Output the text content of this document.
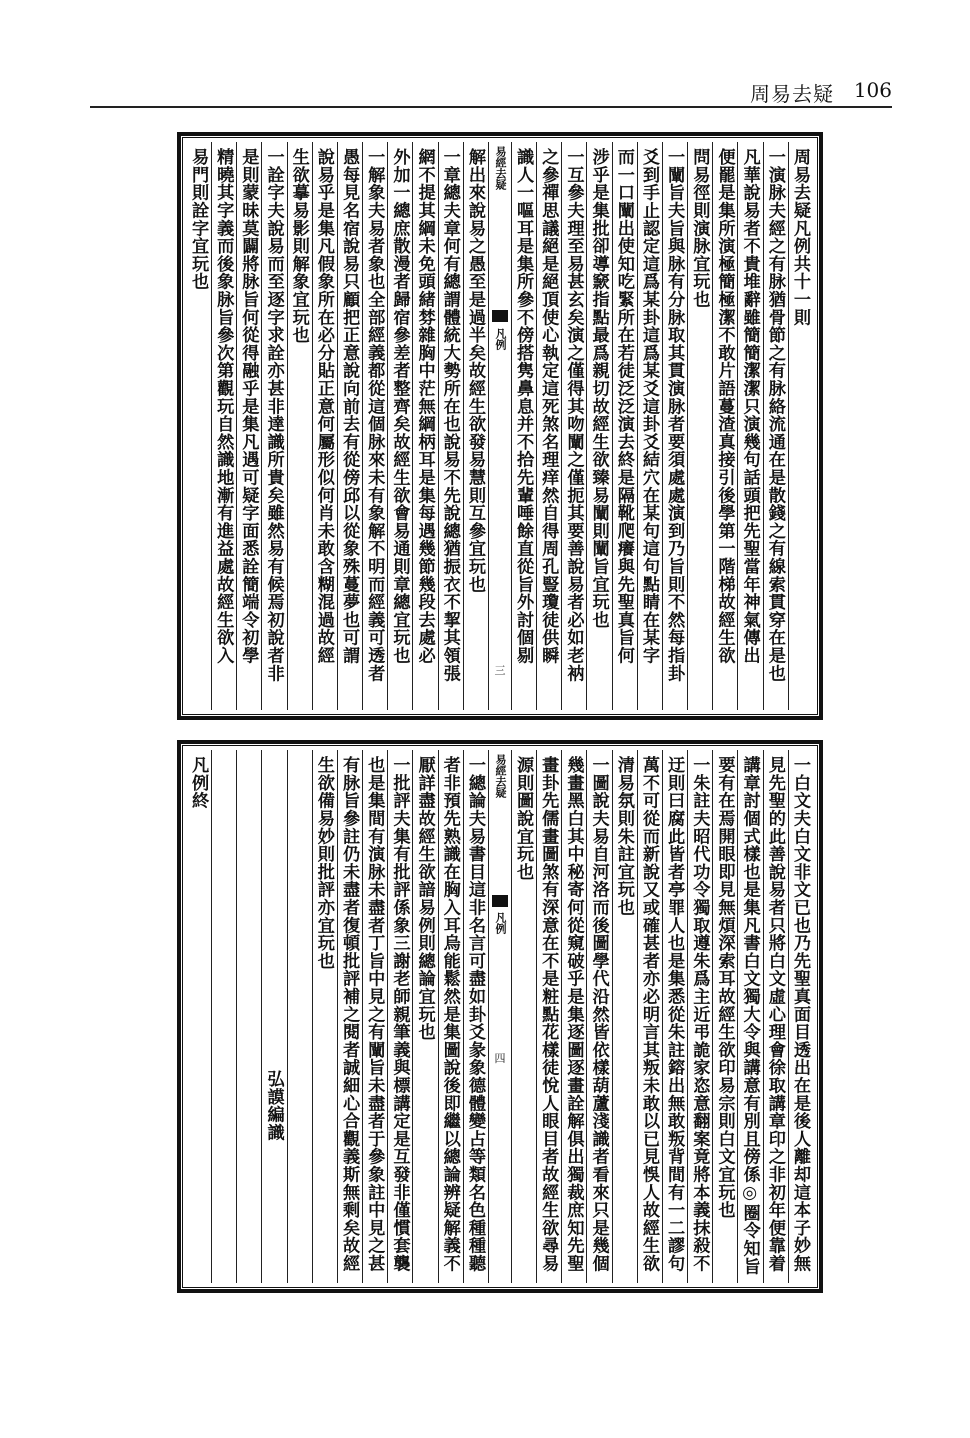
周易去疑 106
周易去疑凡例共十一則
一演脉夫經之有脉猶骨節之有脉絡流通在是散錢之有線索貫穿在是也
凡華說易者不貴堆辭雖簡簡潔潔只演幾句話頭把先聖當年神氣傳出
便罷是集所演極簡極潔不敢片語蔓渣真接引後學第一階梯故經生欲
問易徑則演脉宜玩也
一闡旨夫旨與脉有分脉取其貫演脉者要須處處演到乃旨則不然每指卦
爻到手止認定這爲某卦這爲某爻這卦爻結穴在某句這句點睛在某字
而一口闡出使知吃緊所在若徒泛泛演去終是隔靴爬癢與先聖真旨何
涉乎是集批卻導窾指點最爲親切故經生欲臻易闡則闡旨宜玩也
一互參夫理至易甚玄矣演之僅得其吻闡之僅扼其要善說易者必如老衲
之參禪思議絕是絕頂使心執定這死煞名理痒然自得周孔豎瓊徒供瞬
識人一嘔耳是集所參不傍搭隽鼻息并不拾先輩唾餘直從旨外討個剔
易經去疑
凡例
三
解出來說易之愚至是過半矣故經生欲發易慧則互參宜玩也
一章總夫章何有總謂體統大勢所在也說易不先說總猶振衣不挈其領張
網不提其綱未免頭緒棼雜胸中茫無綱柄耳是集每遇幾節幾段去處必
外加一總庶散漫者歸宿參差者整齊矣故經生欲會易通則章總宜玩也
一解象夫易者象也全部經義都從這個脉來未有象解不明而經義可透者
愚每見名宿說易只顧把正意說向前去有從傍邱以從象殊蔓夢也可謂
說易乎是集凡假象所在必分貼正意何屬形似何肖未敢含糊混過故經
生欲摹易影則解象宜玩也
一詮字夫說易而至逐字求詮亦甚非達識所貴矣雖然易有候焉初說者非
是則蒙昧莫闢將脉旨何從得融乎是集凡遇可疑字面悉詮簡端令初學
精曉其字義而後象脉旨參次第觀玩自然識地漸有進益處故經生欲入
易門則詮字宜玩也
一白文夫白文非文已也乃先聖真面目透出在是後人離却這本子妙無
見先聖的此善說易者只將白文虛心理會徐取講章印之非初年便靠着
講章討個式樣也是集凡書白文獨大令與講意有別且傍係◎圈令知旨
要有在焉開眼即見無煩深索耳故經生欲印易宗則白文宜玩也
一朱註夫昭代功令獨取遵朱爲主近弔詭家恣意翻案竟將本義抹殺不
迂則曰腐此皆者亭罪人也是集悉從朱註鎔出無敢叛背間有一二謬句
萬不可從而新說又或確甚者亦必明言其叛未敢以已見悞人故經生欲
清易氛則朱註宜玩也
一圖說夫易自河洛而後圖學代沿然皆依樣葫蘆淺識者看來只是幾個
幾畫黑白其中秘寄何從窺破乎是集逐圖逐畫詮解俱出獨裁庶知先聖
畫卦先儒畫圖煞有深意在不是粧點花樣徒悅人眼目者故經生欲尋易
源則圖說宜玩也
易經去疑
凡例
四
一總論夫易書目這非名言可盡如卦爻彖象德體變占等類名色種種聽
者非預先熟識在胸入耳烏能鬆然是集圖說後即繼以總論辨疑解義不
厭詳盡故經生欲諳易例則總論宜玩也
一批評夫集有批評係象三謝老師親筆義與標講定是互發非僅慣套襲
也是集間有演脉未盡者丁旨中見之有闡旨未盡者于參象註中見之甚
有脉旨參註仍未盡者復頓批評補之閱者誠細心合觀義斯無剩矣故經
生欲備易妙則批評亦宜玩也
弘謨編識
凡例終
